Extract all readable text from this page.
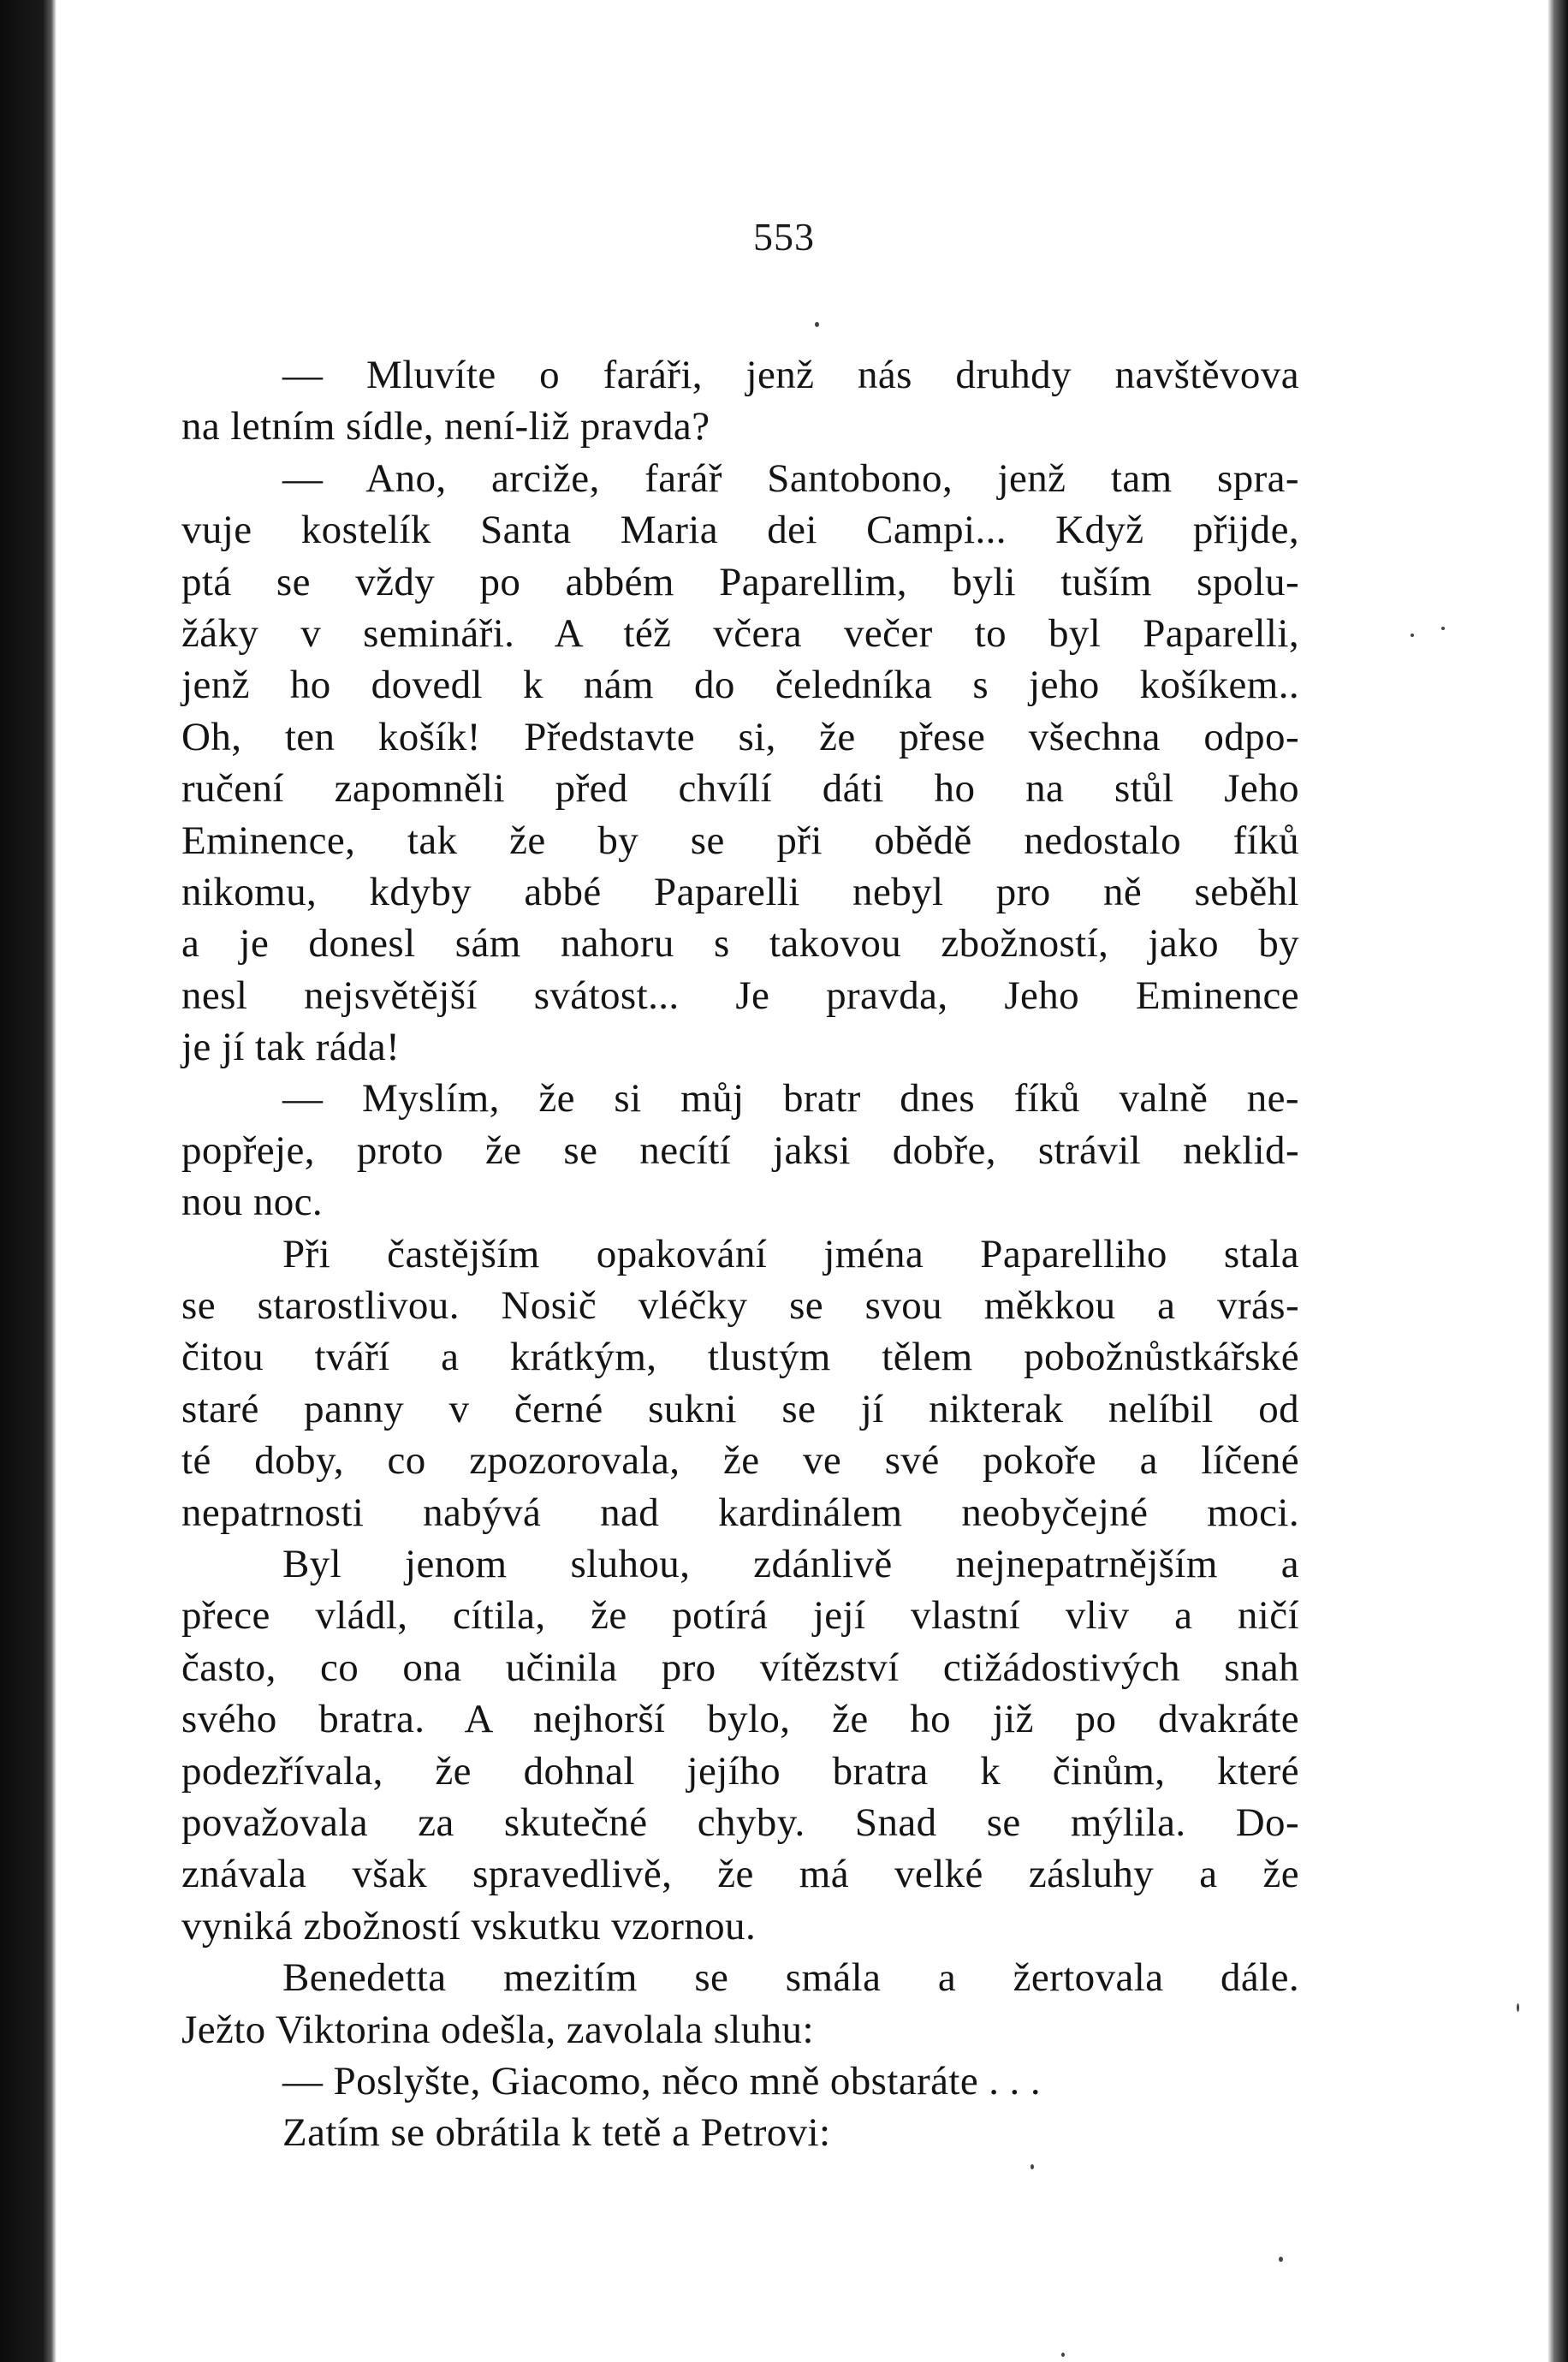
553
— Mluvíte o faráři, jenž nás druhdy navštěvova
na letním sídle, není-liž pravda?
— Ano, arciže, farář Santobono, jenž tam spra-
vuje kostelík Santa Maria dei Campi... Když přijde,
ptá se vždy po abbém Paparellim, byli tuším spolu-
žáky v semináři. A též včera večer to byl Paparelli,
jenž ho dovedl k nám do čeledníka s jeho košíkem..
Oh, ten košík! Představte si, že přese všechna odpo-
ručení zapomněli před chvílí dáti ho na stůl Jeho
Eminence, tak že by se při obědě nedostalo fíků
nikomu, kdyby abbé Paparelli nebyl pro ně seběhl
a je donesl sám nahoru s takovou zbožností, jako by
nesl nejsvětější svátost... Je pravda, Jeho Eminence
je jí tak ráda!
— Myslím, že si můj bratr dnes fíků valně ne-
popřeje, proto že se necítí jaksi dobře, strávil neklid-
nou noc.
Při častějším opakování jména Paparelliho stala
se starostlivou. Nosič vléčky se svou měkkou a vrás-
čitou tváří a krátkým, tlustým tělem pobožnůstkářské
staré panny v černé sukni se jí nikterak nelíbil od
té doby, co zpozorovala, že ve své pokoře a líčené
nepatrnosti nabývá nad kardinálem neobyčejné moci.
Byl jenom sluhou, zdánlivě nejnepatrnějším a
přece vládl, cítila, že potírá její vlastní vliv a ničí
často, co ona učinila pro vítězství ctižádostivých snah
svého bratra. A nejhorší bylo, že ho již po dvakráte
podezřívala, že dohnal jejího bratra k činům, které
považovala za skutečné chyby. Snad se mýlila. Do-
znávala však spravedlivě, že má velké zásluhy a že
vyniká zbožností vskutku vzornou.
Benedetta mezitím se smála a žertovala dále.
Ježto Viktorina odešla, zavolala sluhu:
— Poslyšte, Giacomo, něco mně obstaráte . . .
Zatím se obrátila k tetě a Petrovi:
